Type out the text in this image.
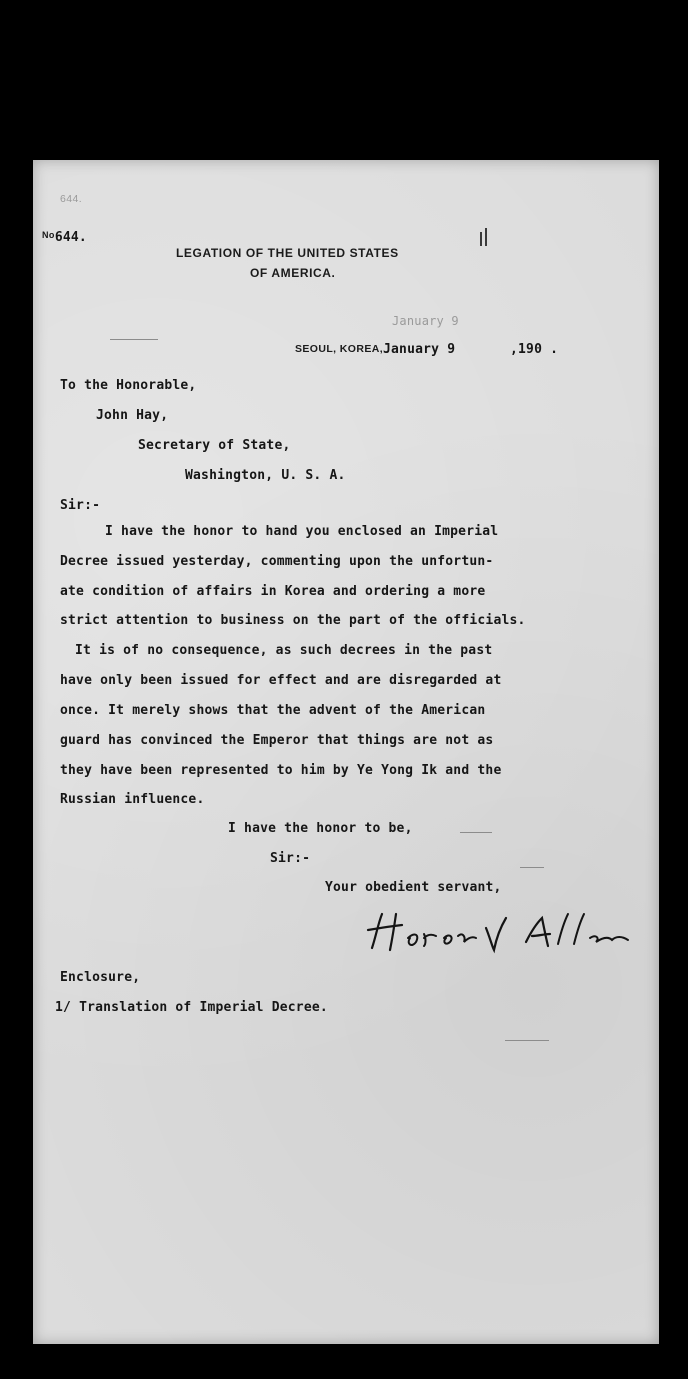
644.
$^{No}$644.
LEGATION OF THE UNITED STATES
OF AMERICA.
January 9
SEOUL, KOREA, January 9	,190 .
To the Honorable,
John Hay,
Secretary of State,
Washington, U. S. A.
Sir:-
I have the honor to hand you enclosed an Imperial
Decree issued yesterday, commenting upon the unfortun-
ate condition of affairs in Korea and ordering a more
strict attention to business on the part of the officials.
It is of no consequence, as such decrees in the past
have only been issued for effect and are disregarded at
once. It merely shows that the advent of the American
guard has convinced the Emperor that things are not as
they have been represented to him by Ye Yong Ik and the
Russian influence.
I have the honor to be,
Sir:-
Your obedient servant,
Enclosure,
1/ Translation of Imperial Decree.
